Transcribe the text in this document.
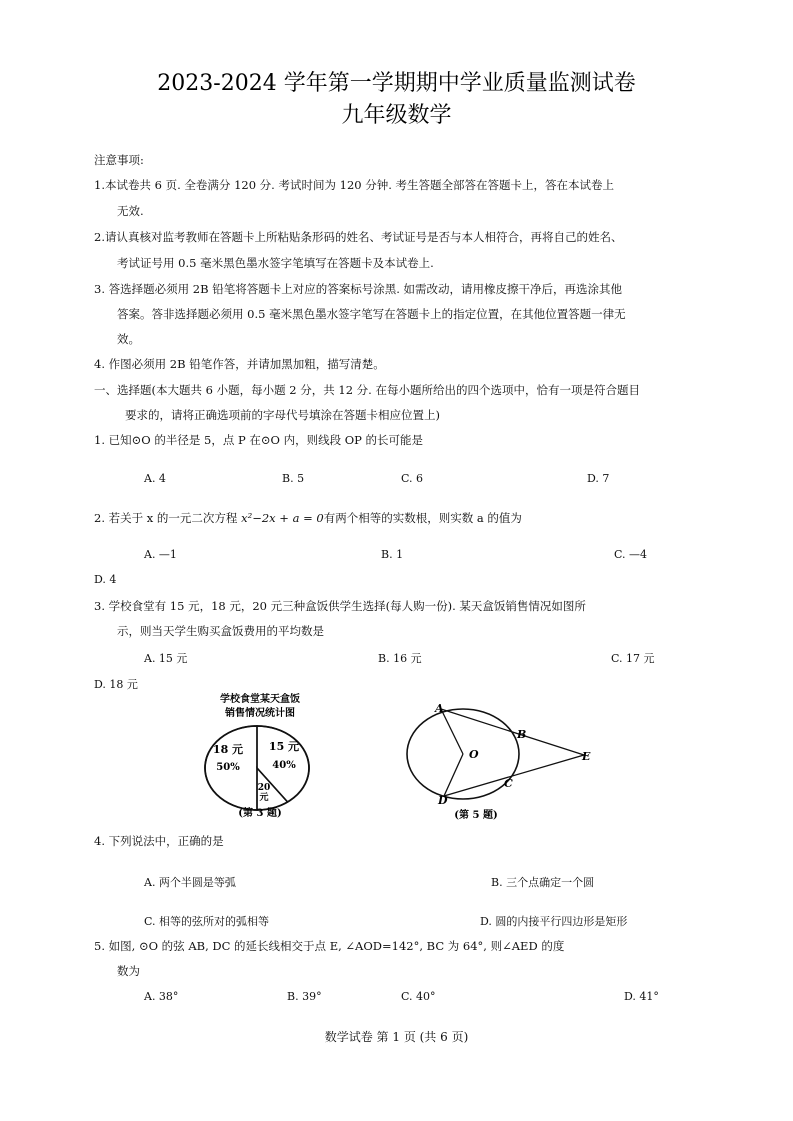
2023-2024 学年第一学期期中学业质量监测试卷
九年级数学
注意事项:
1.本试卷共 6 页. 全卷满分 120 分. 考试时间为 120 分钟. 考生答题全部答在答题卡上，答在本试卷上
无效.
2.请认真核对监考教师在答题卡上所粘贴条形码的姓名、考试证号是否与本人相符合，再将自己的姓名、
考试证号用 0.5 毫米黑色墨水签字笔填写在答题卡及本试卷上.
3. 答选择题必须用 2B 铅笔将答题卡上对应的答案标号涂黑. 如需改动，请用橡皮擦干净后，再选涂其他
答案。答非选择题必须用 0.5 毫米黑色墨水签字笔写在答题卡上的指定位置，在其他位置答题一律无
效。
4. 作图必须用 2B 铅笔作答，并请加黑加粗，描写清楚。
一、选择题(本大题共 6 小题，每小题 2 分，共 12 分. 在每小题所给出的四个选项中，恰有一项是符合题目
要求的，请将正确选项前的字母代号填涂在答题卡相应位置上)
1. 已知⊙O 的半径是 5，点 P 在⊙O 内，则线段 OP 的长可能是
A. 4	B. 5	C. 6	D. 7
2. 若关于 x 的一元二次方程 x²−2x + a = 0有两个相等的实数根，则实数 a 的值为
A. —1	B. 1	C. —4
D. 4
3. 学校食堂有 15 元，18 元，20 元三种盒饭供学生选择(每人购一份). 某天盒饭销售情况如图所
示，则当天学生购买盒饭费用的平均数是
A. 15 元	B. 16 元	C. 17 元
D. 18 元
学校食堂某天盒饭
销售情况统计图
18 元
50%
15 元
40%
20
元
(第 3 题)
A
B
C
D
E
O
(第 5 题)
4. 下列说法中，正确的是
A. 两个半圆是等弧	B. 三个点确定一个圆
C. 相等的弦所对的弧相等	D. 圆的内接平行四边形是矩形
5. 如图, ⊙O 的弦 AB, DC 的延长线相交于点 E, ∠AOD=142°, BC 为 64°, 则∠AED 的度
数为
A. 38°	B. 39°	C. 40°	D. 41°
数学试卷 第 1 页 (共 6 页)
